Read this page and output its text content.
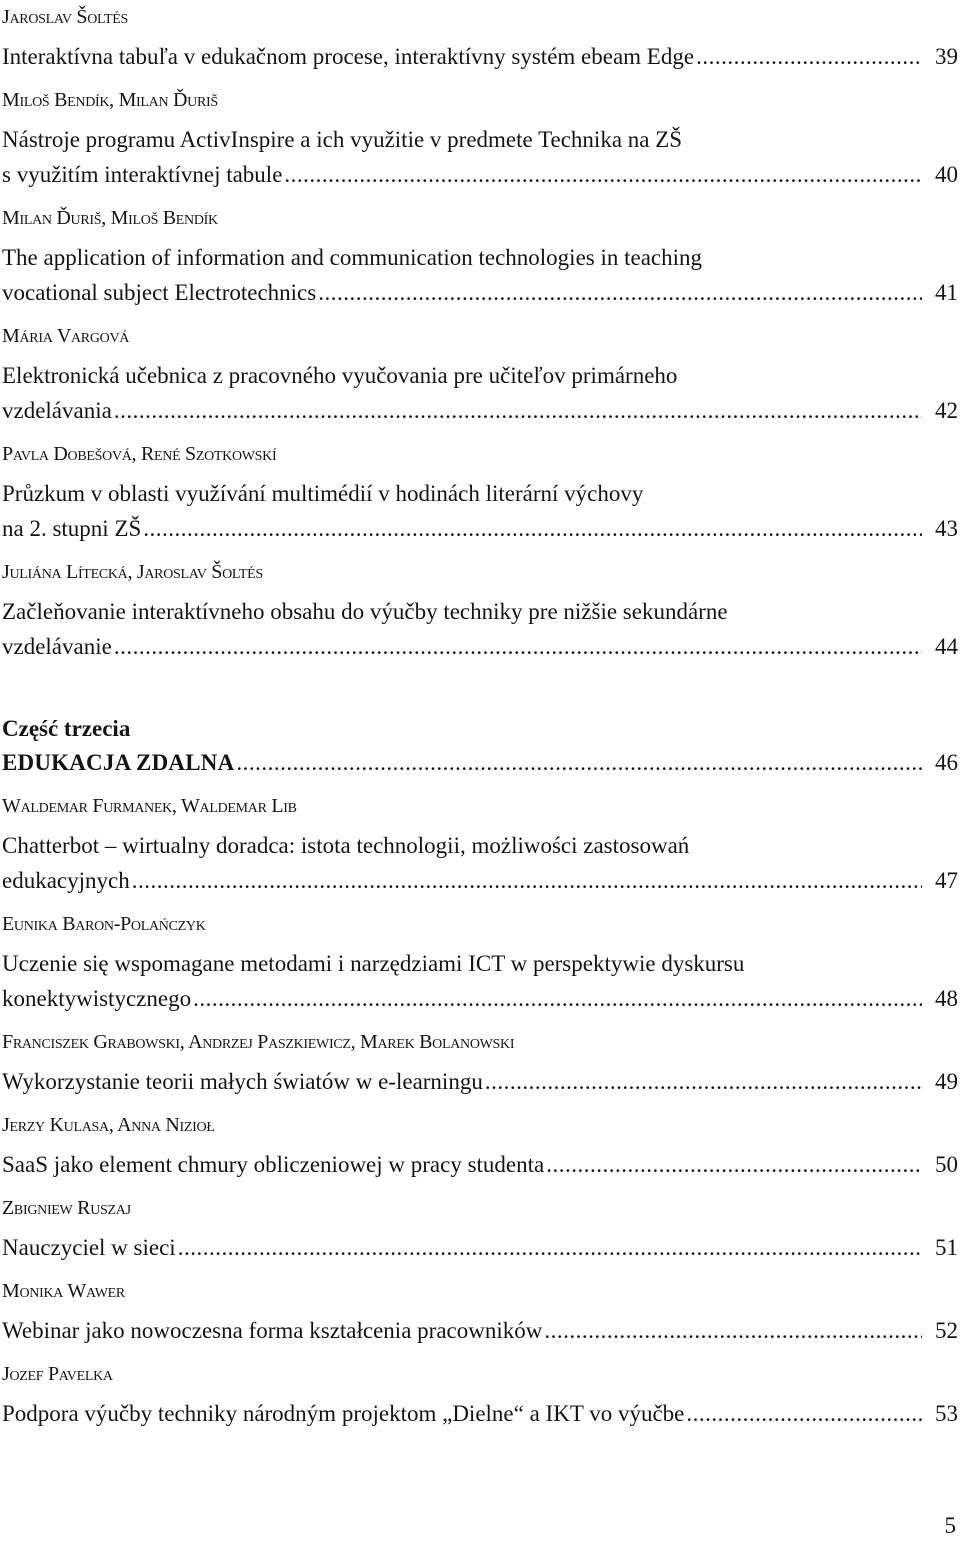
Jaroslav Šoltés
Interaktívna tabuľa v edukačnom procese, interaktívny systém ebeam Edge .....	39
Miloš Bendík, Milan Ďuriš
Nástroje programu ActivInspire a ich využitie v predmete Technika na ZŠ
s využitím interaktívnej tabule .....	40
Milan Ďuriš, Miloš Bendík
The application of information and communication technologies in teaching
vocational subject Electrotechnics .....	41
Mária Vargová
Elektronická učebnica z pracovného vyučovania pre učiteľov primárneho
vzdelávania .....	42
Pavla Dobešová, René Szotkowskí
Průzkum v oblasti využívání multimédií v hodinách literární výchovy
na 2. stupni ZŠ .....	43
Juliána Lítecká, Jaroslav Šoltés
Začleňovanie interaktívneho obsahu do výučby techniky pre nižšie sekundárne
vzdelávanie .....	44
Część trzecia
EDUKACJA ZDALNA .....	46
Waldemar Furmanek, Waldemar Lib
Chatterbot – wirtualny doradca: istota technologii, możliwości zastosowań
edukacyjnych .....	47
Eunika Baron-Polańczyk
Uczenie się wspomagane metodami i narzędziami ICT w perspektywie dyskursu
konektywistycznego .....	48
Franciszek Grabowski, Andrzej Paszkiewicz, Marek Bolanowski
Wykorzystanie teorii małych światów w e-learningu .....	49
Jerzy Kulasa, Anna Nizioł
SaaS jako element chmury obliczeniowej w pracy studenta .....	50
Zbigniew Ruszaj
Nauczyciel w sieci .....	51
Monika Wawer
Webinar jako nowoczesna forma kształcenia pracowników .....	52
Jozef Pavelka
Podpora výučby techniky národným projektom „Dielne“ a IKT vo výučbe .....	53
5
